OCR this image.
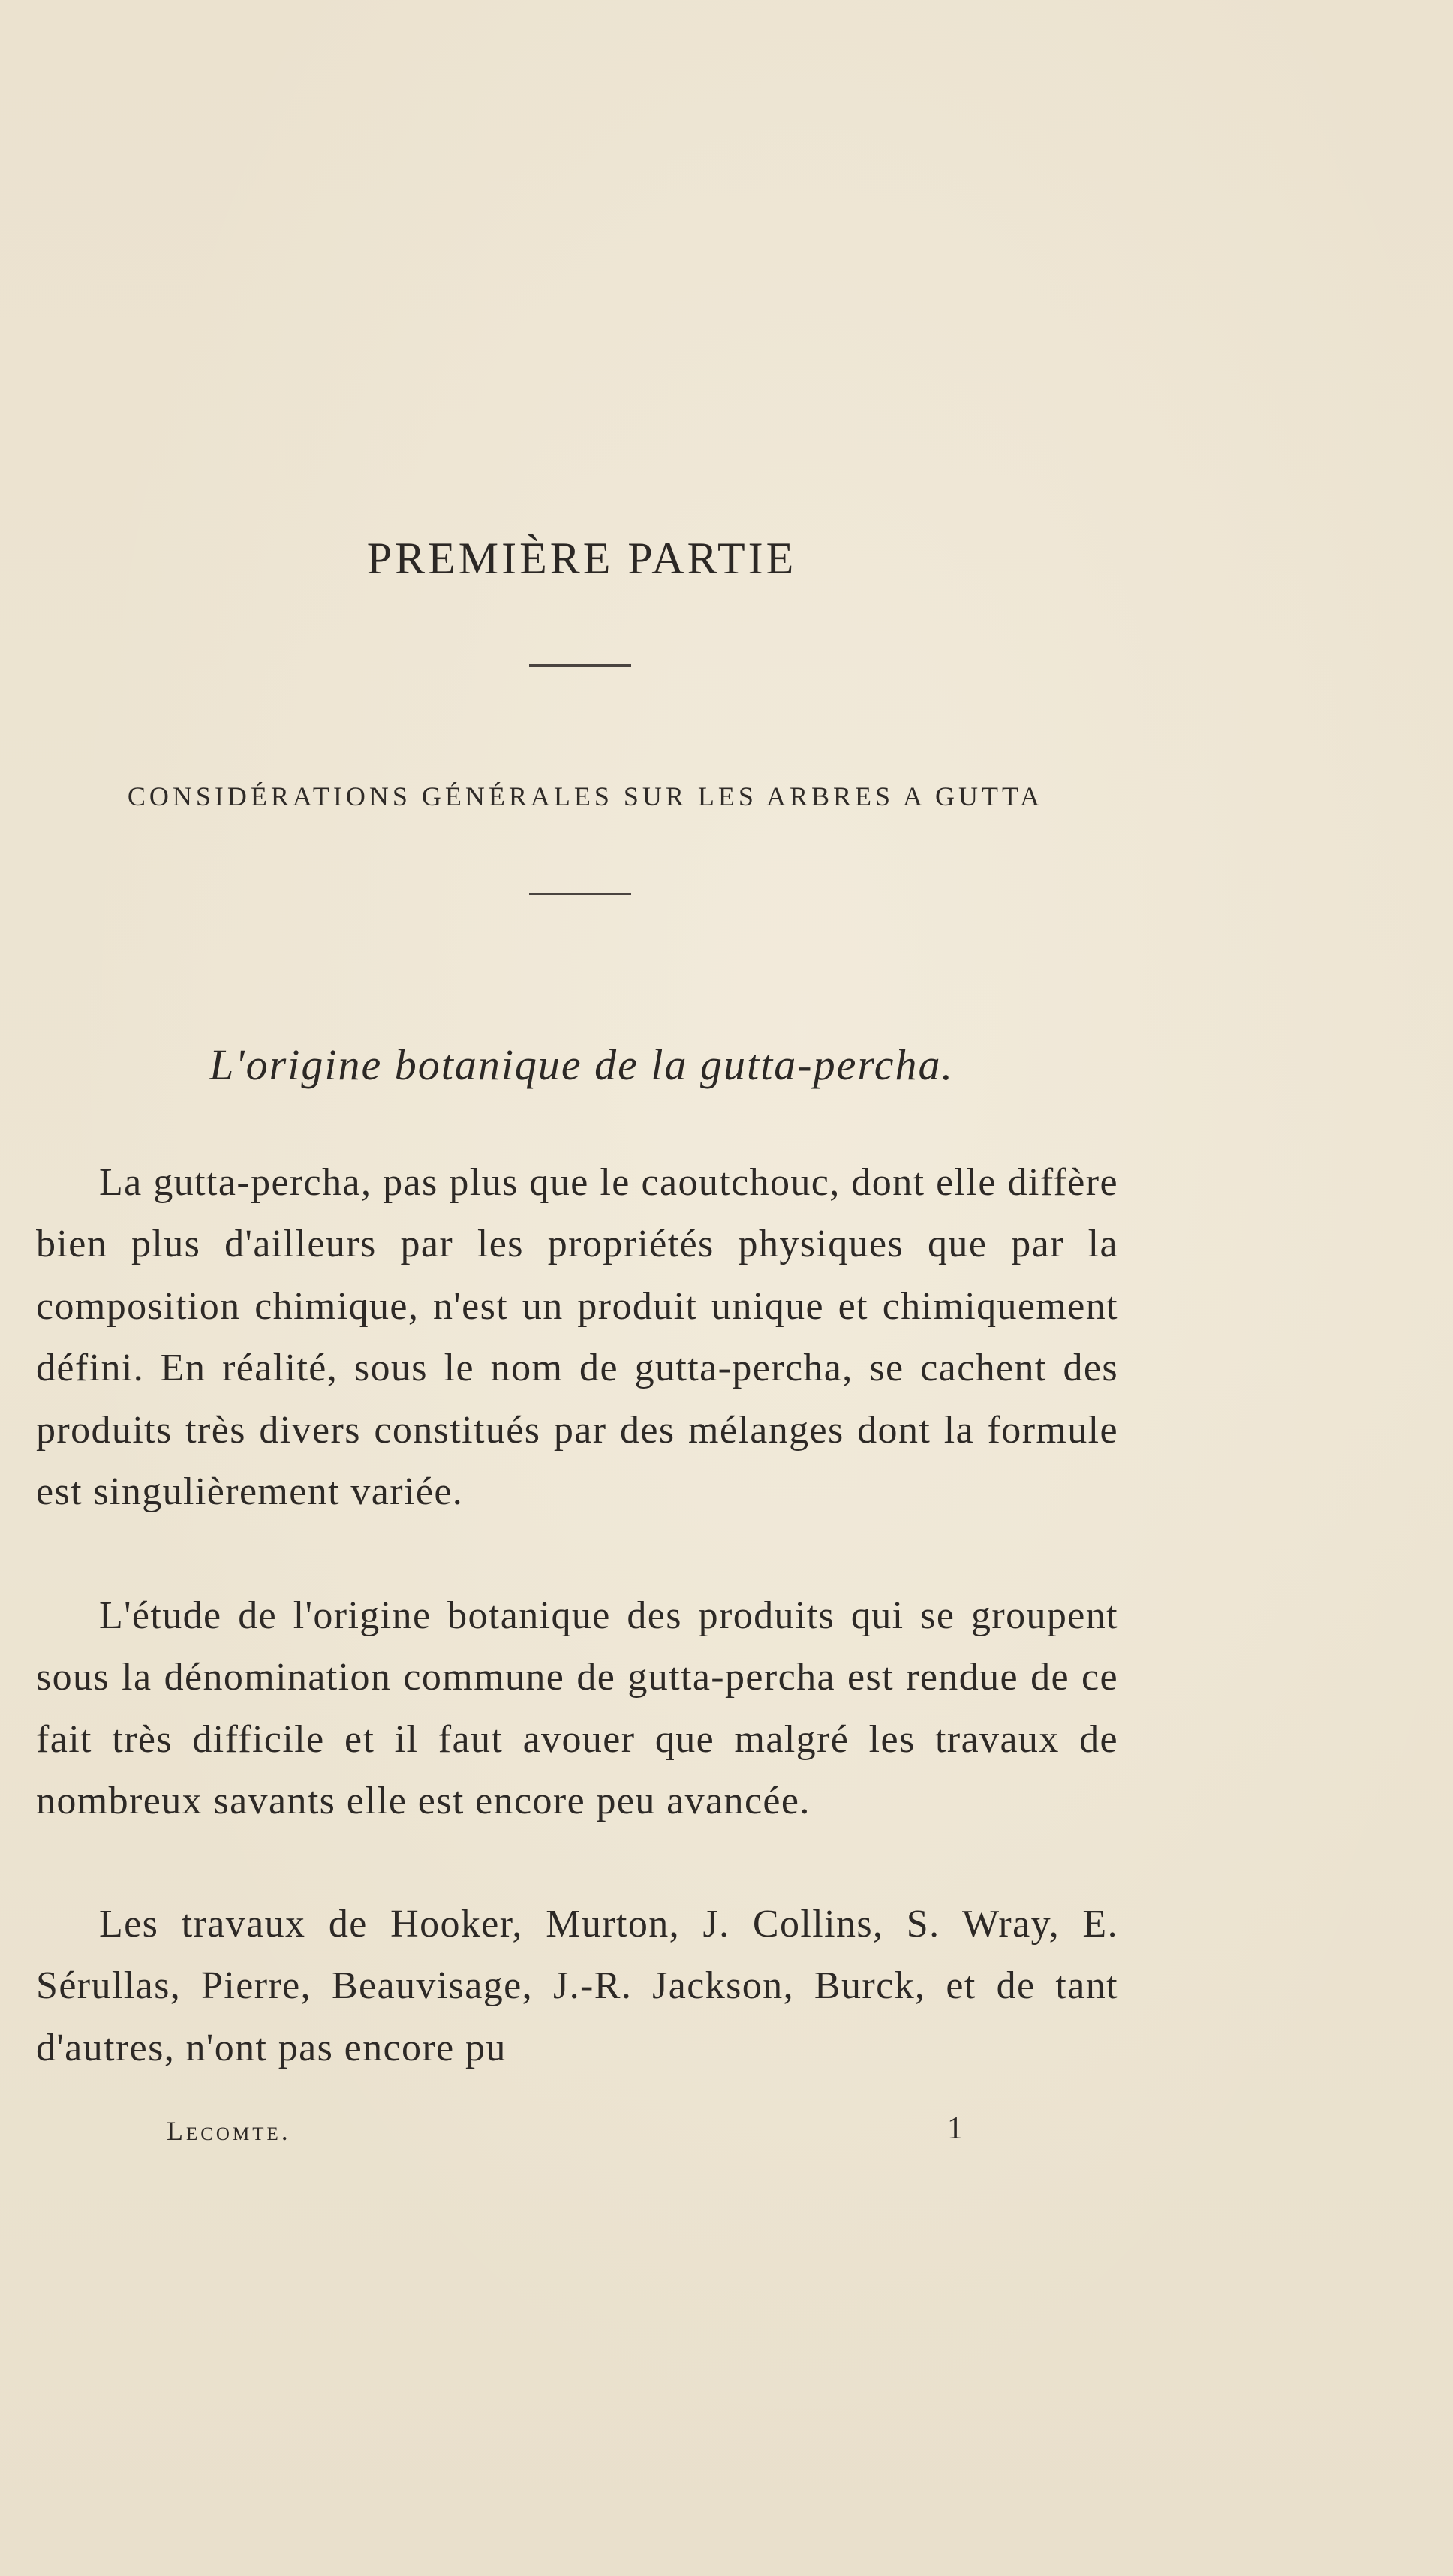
PREMIÈRE PARTIE
CONSIDÉRATIONS GÉNÉRALES SUR LES ARBRES A GUTTA
L'origine botanique de la gutta-percha.

La gutta-percha, pas plus que le caoutchouc, dont elle diffère bien plus d'ailleurs par les propriétés physiques que par la composition chimique, n'est un produit unique et chimiquement défini. En réalité, sous le nom de gutta-percha, se cachent des produits très divers constitués par des mélanges dont la formule est singulièrement variée.

L'étude de l'origine botanique des produits qui se groupent sous la dénomination commune de gutta-percha est rendue de ce fait très difficile et il faut avouer que malgré les travaux de nombreux savants elle est encore peu avancée.

Les travaux de Hooker, Murton, J. Collins, S. Wray, E. Sérullas, Pierre, Beauvisage, J.-R. Jackson, Burck, et de tant d'autres, n'ont pas encore pu

Lecomte.	1
